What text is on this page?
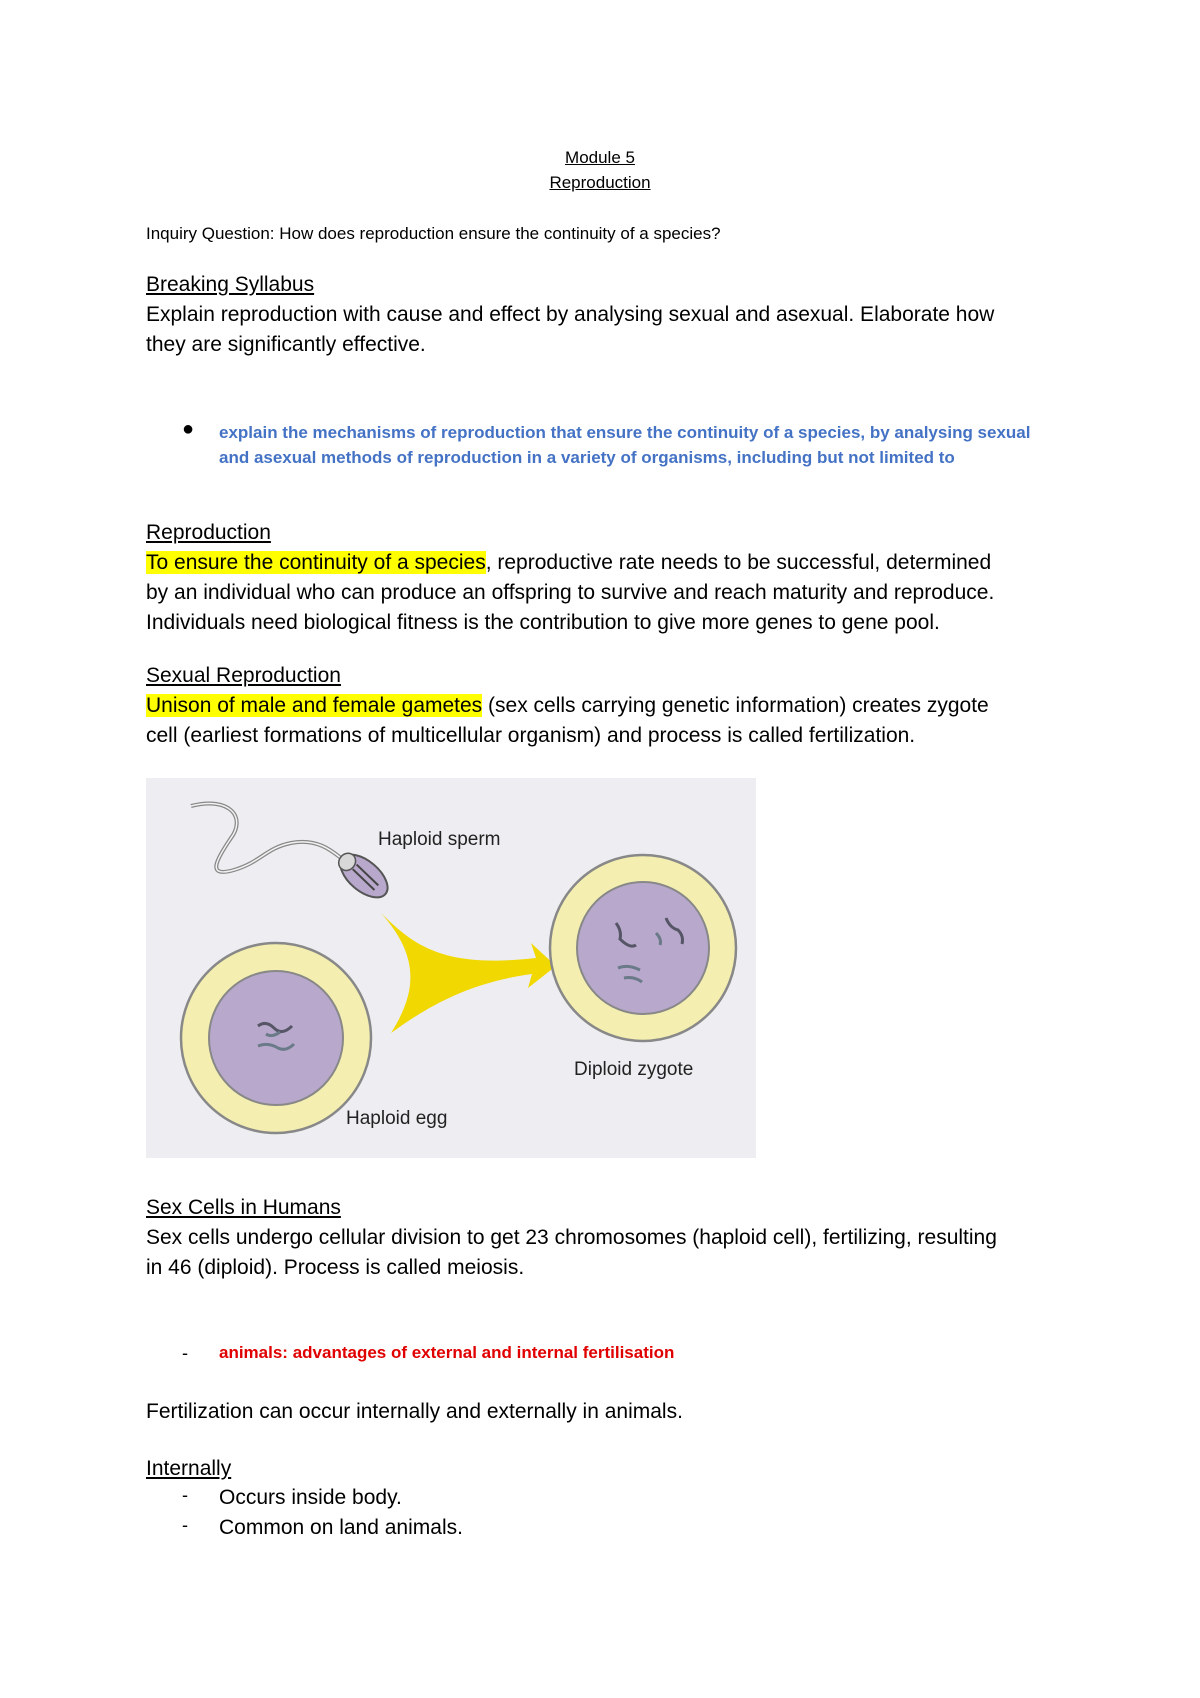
Module 5
Reproduction
Inquiry Question: How does reproduction ensure the continuity of a species?
Breaking Syllabus
Explain reproduction with cause and effect by analysing sexual and asexual. Elaborate how
they are significantly effective.
● explain the mechanisms of reproduction that ensure the continuity of a species, by analysing sexual
and asexual methods of reproduction in a variety of organisms, including but not limited to
Reproduction
To ensure the continuity of a species, reproductive rate needs to be successful, determined
by an individual who can produce an offspring to survive and reach maturity and reproduce.
Individuals need biological fitness is the contribution to give more genes to gene pool.
Sexual Reproduction
Unison of male and female gametes (sex cells carrying genetic information) creates zygote
cell (earliest formations of multicellular organism) and process is called fertilization.
Haploid sperm
Haploid egg
Diploid zygote
Sex Cells in Humans
Sex cells undergo cellular division to get 23 chromosomes (haploid cell), fertilizing, resulting
in 46 (diploid). Process is called meiosis.
- animals: advantages of external and internal fertilisation
Fertilization can occur internally and externally in animals.
Internally
- Occurs inside body.
- Common on land animals.
